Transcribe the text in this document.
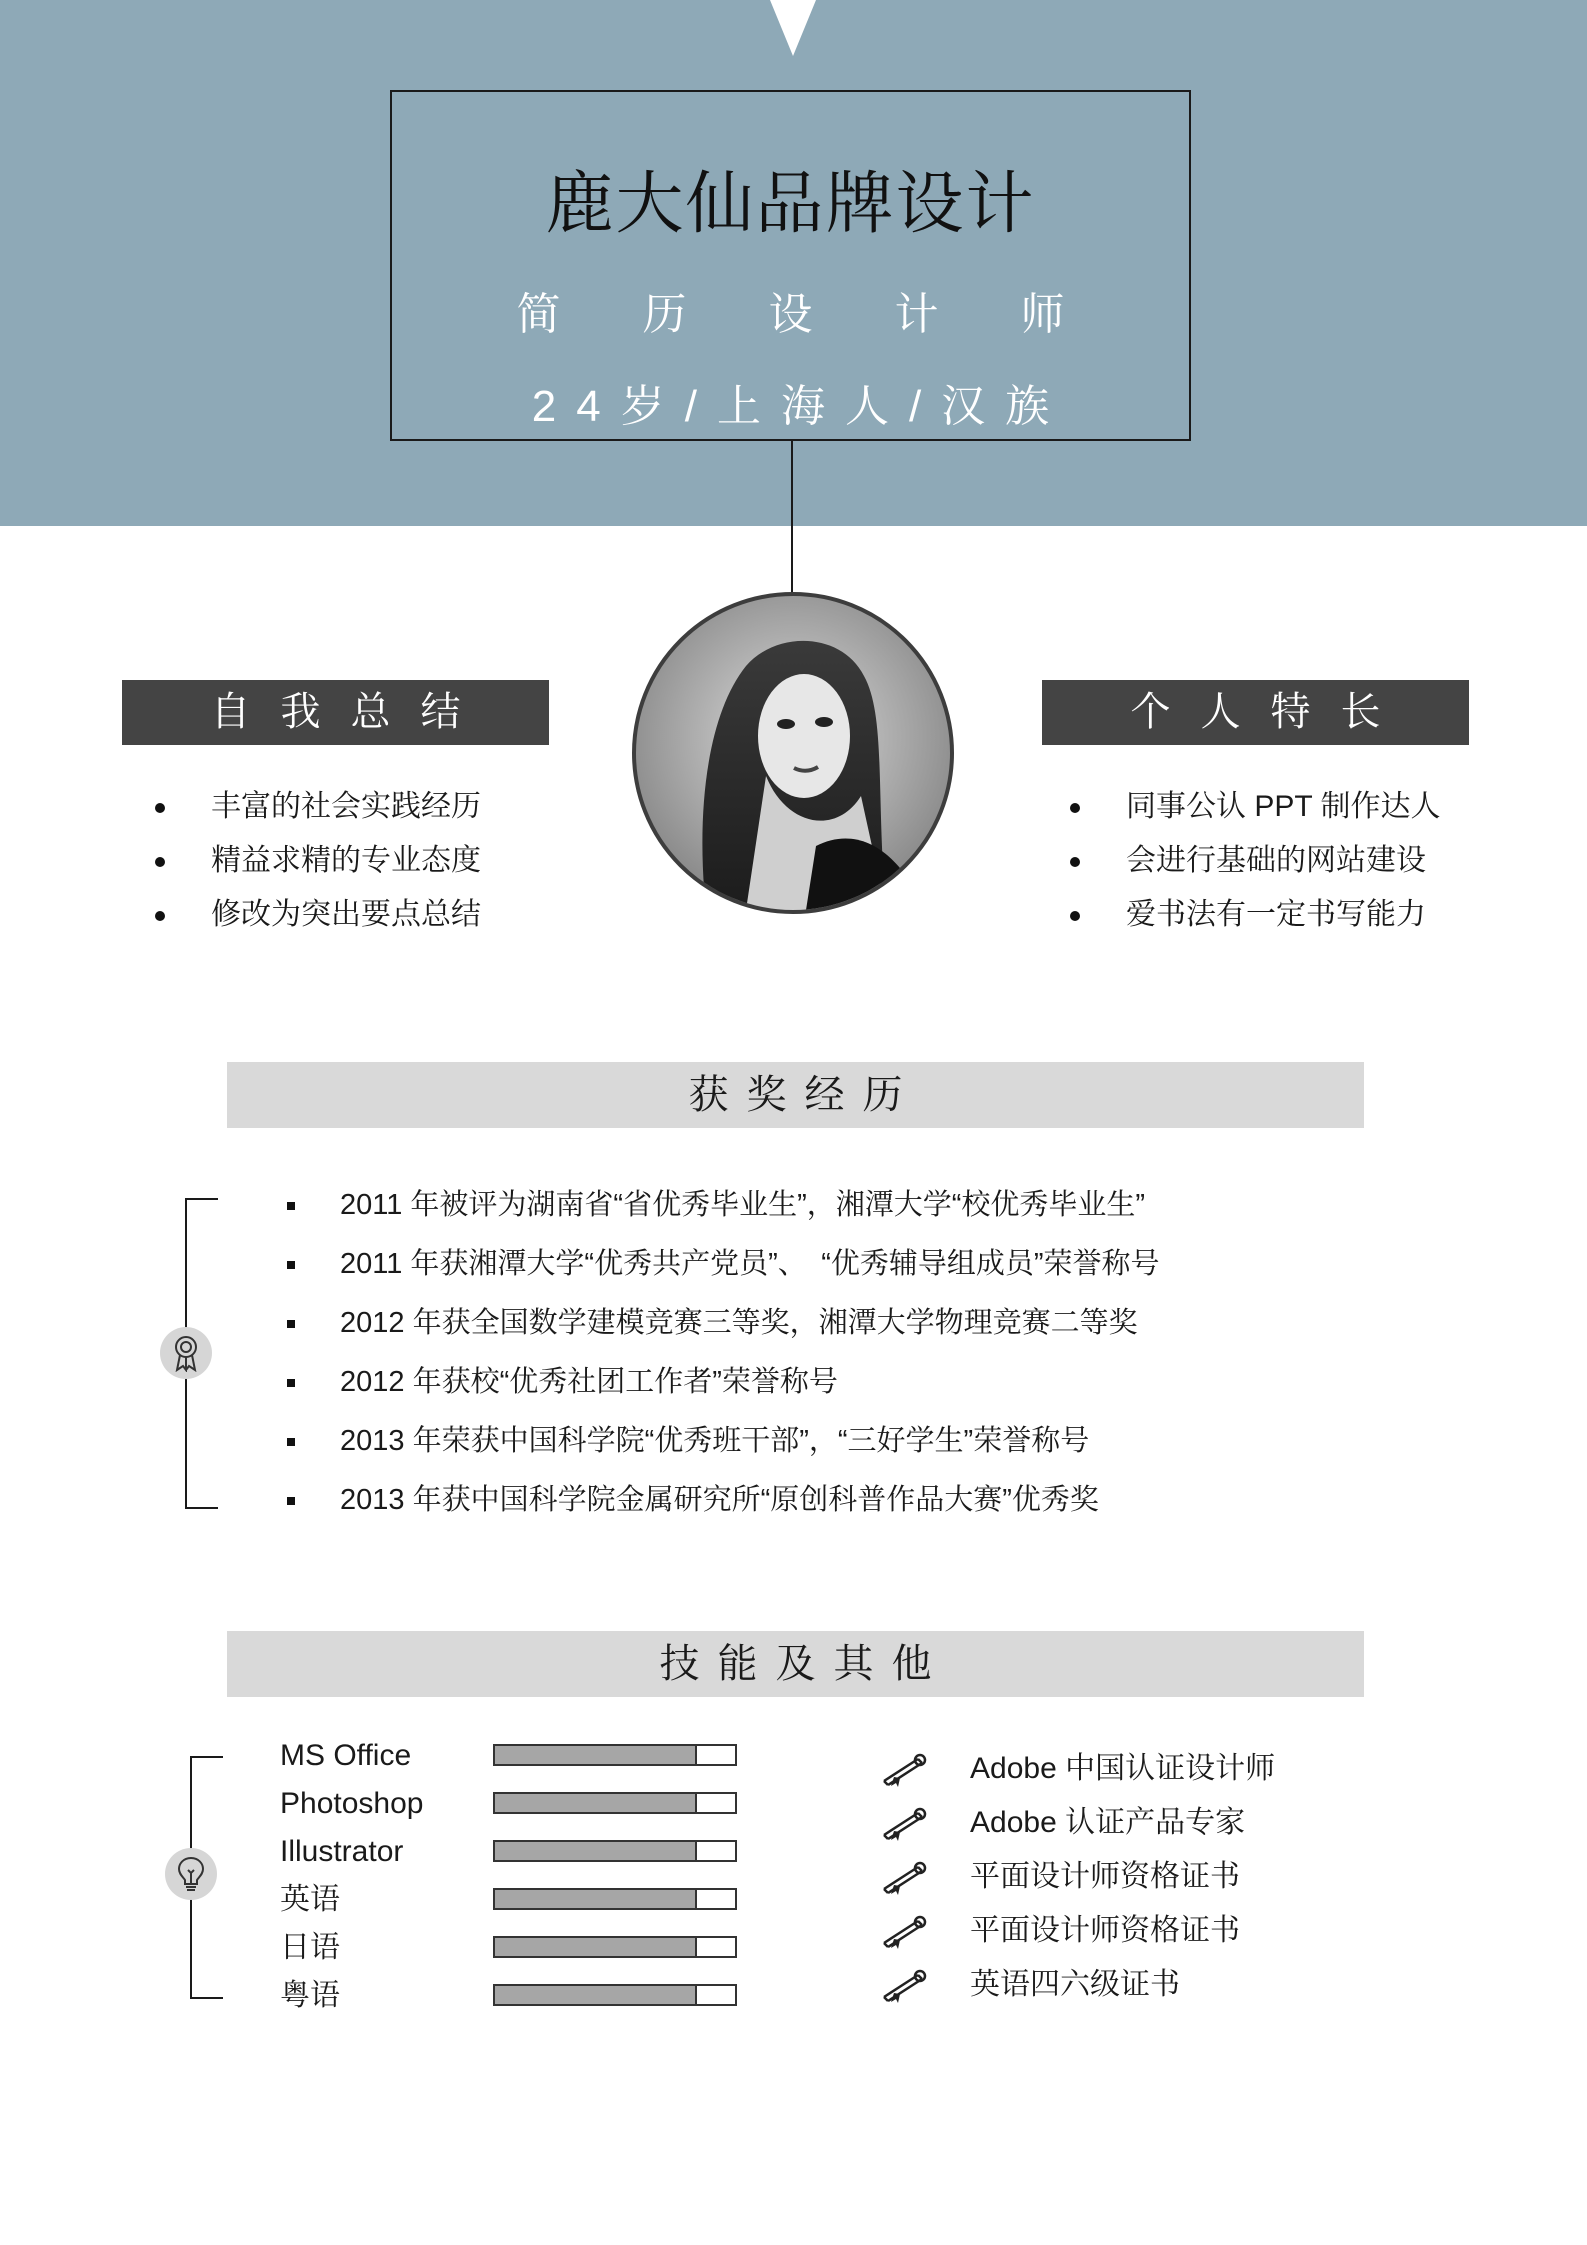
鹿大仙品牌设计
简历设计师
24岁/上海人/汉族
自我总结
丰富的社会实践经历
精益求精的专业态度
修改为突出要点总结
个人特长
同事公认 PPT 制作达人
会进行基础的网站建设
爱书法有一定书写能力
获奖经历
2011 年被评为湖南省“省优秀毕业生”，湘潭大学“校优秀毕业生”
2011 年获湘潭大学“优秀共产党员”、　“优秀辅导组成员”荣誉称号
2012 年获全国数学建模竞赛三等奖，湘潭大学物理竞赛二等奖
2012 年获校“优秀社团工作者”荣誉称号
2013 年荣获中国科学院“优秀班干部”，“三好学生”荣誉称号
2013 年获中国科学院金属研究所“原创科普作品大赛”优秀奖
技能及其他
MS Office
Photoshop
Illustrator
英语
日语
粤语
Adobe 中国认证设计师
Adobe 认证产品专家
平面设计师资格证书
平面设计师资格证书
英语四六级证书
